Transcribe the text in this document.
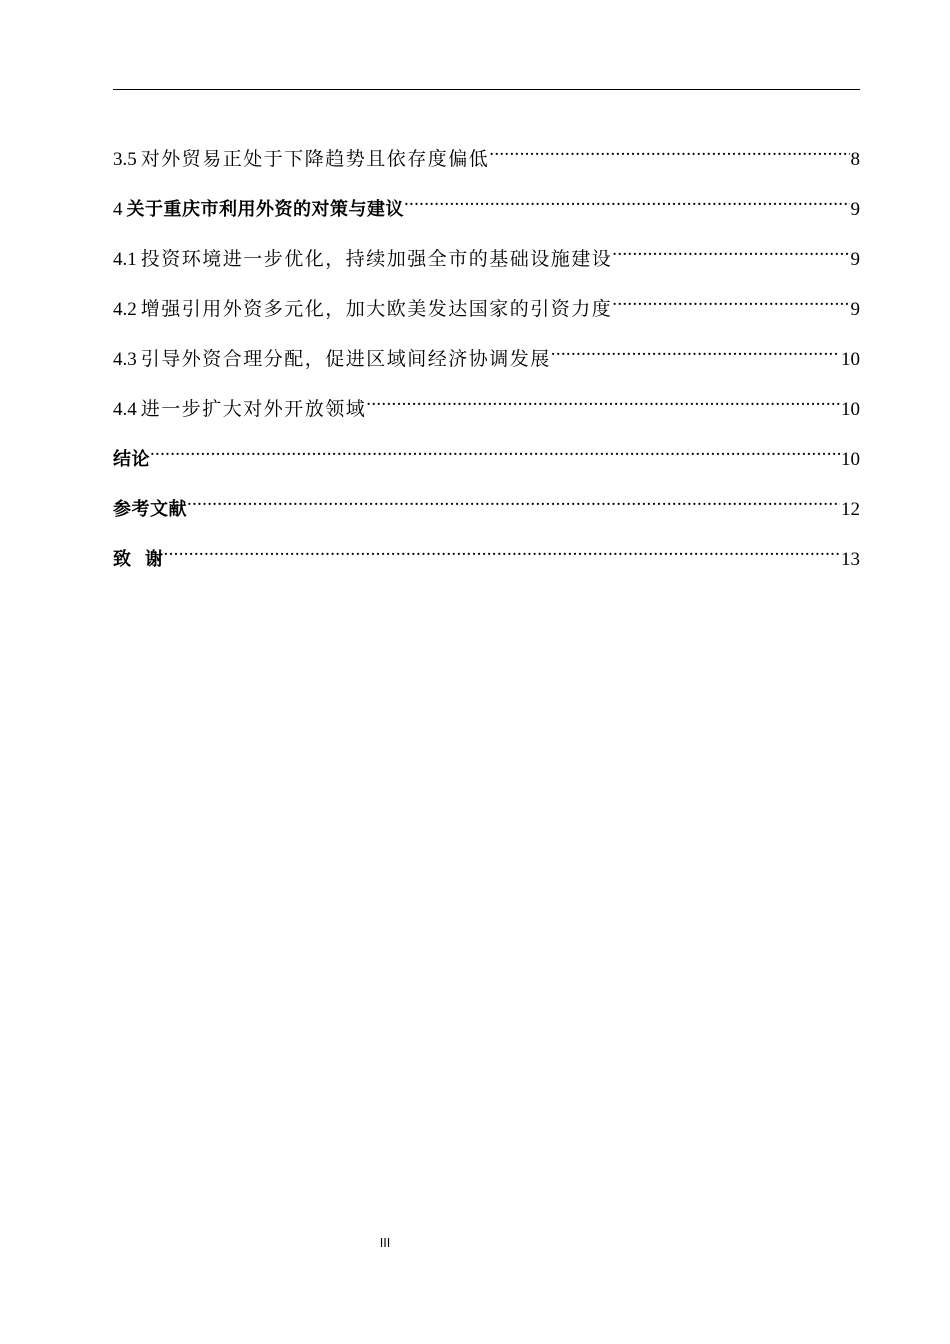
3.5 对外贸易正处于下降趋势且依存度偏低 .....	8
4 关于重庆市利用外资的对策与建议 .....	9
4.1 投资环境进一步优化，持续加强全市的基础设施建设 .....	9
4.2 增强引用外资多元化，加大欧美发达国家的引资力度 .....	9
4.3 引导外资合理分配，促进区域间经济协调发展 .....	10
4.4 进一步扩大对外开放领域 .....	10
结论 .....	10
参考文献 .....	12
致  谢 .....	13
III
